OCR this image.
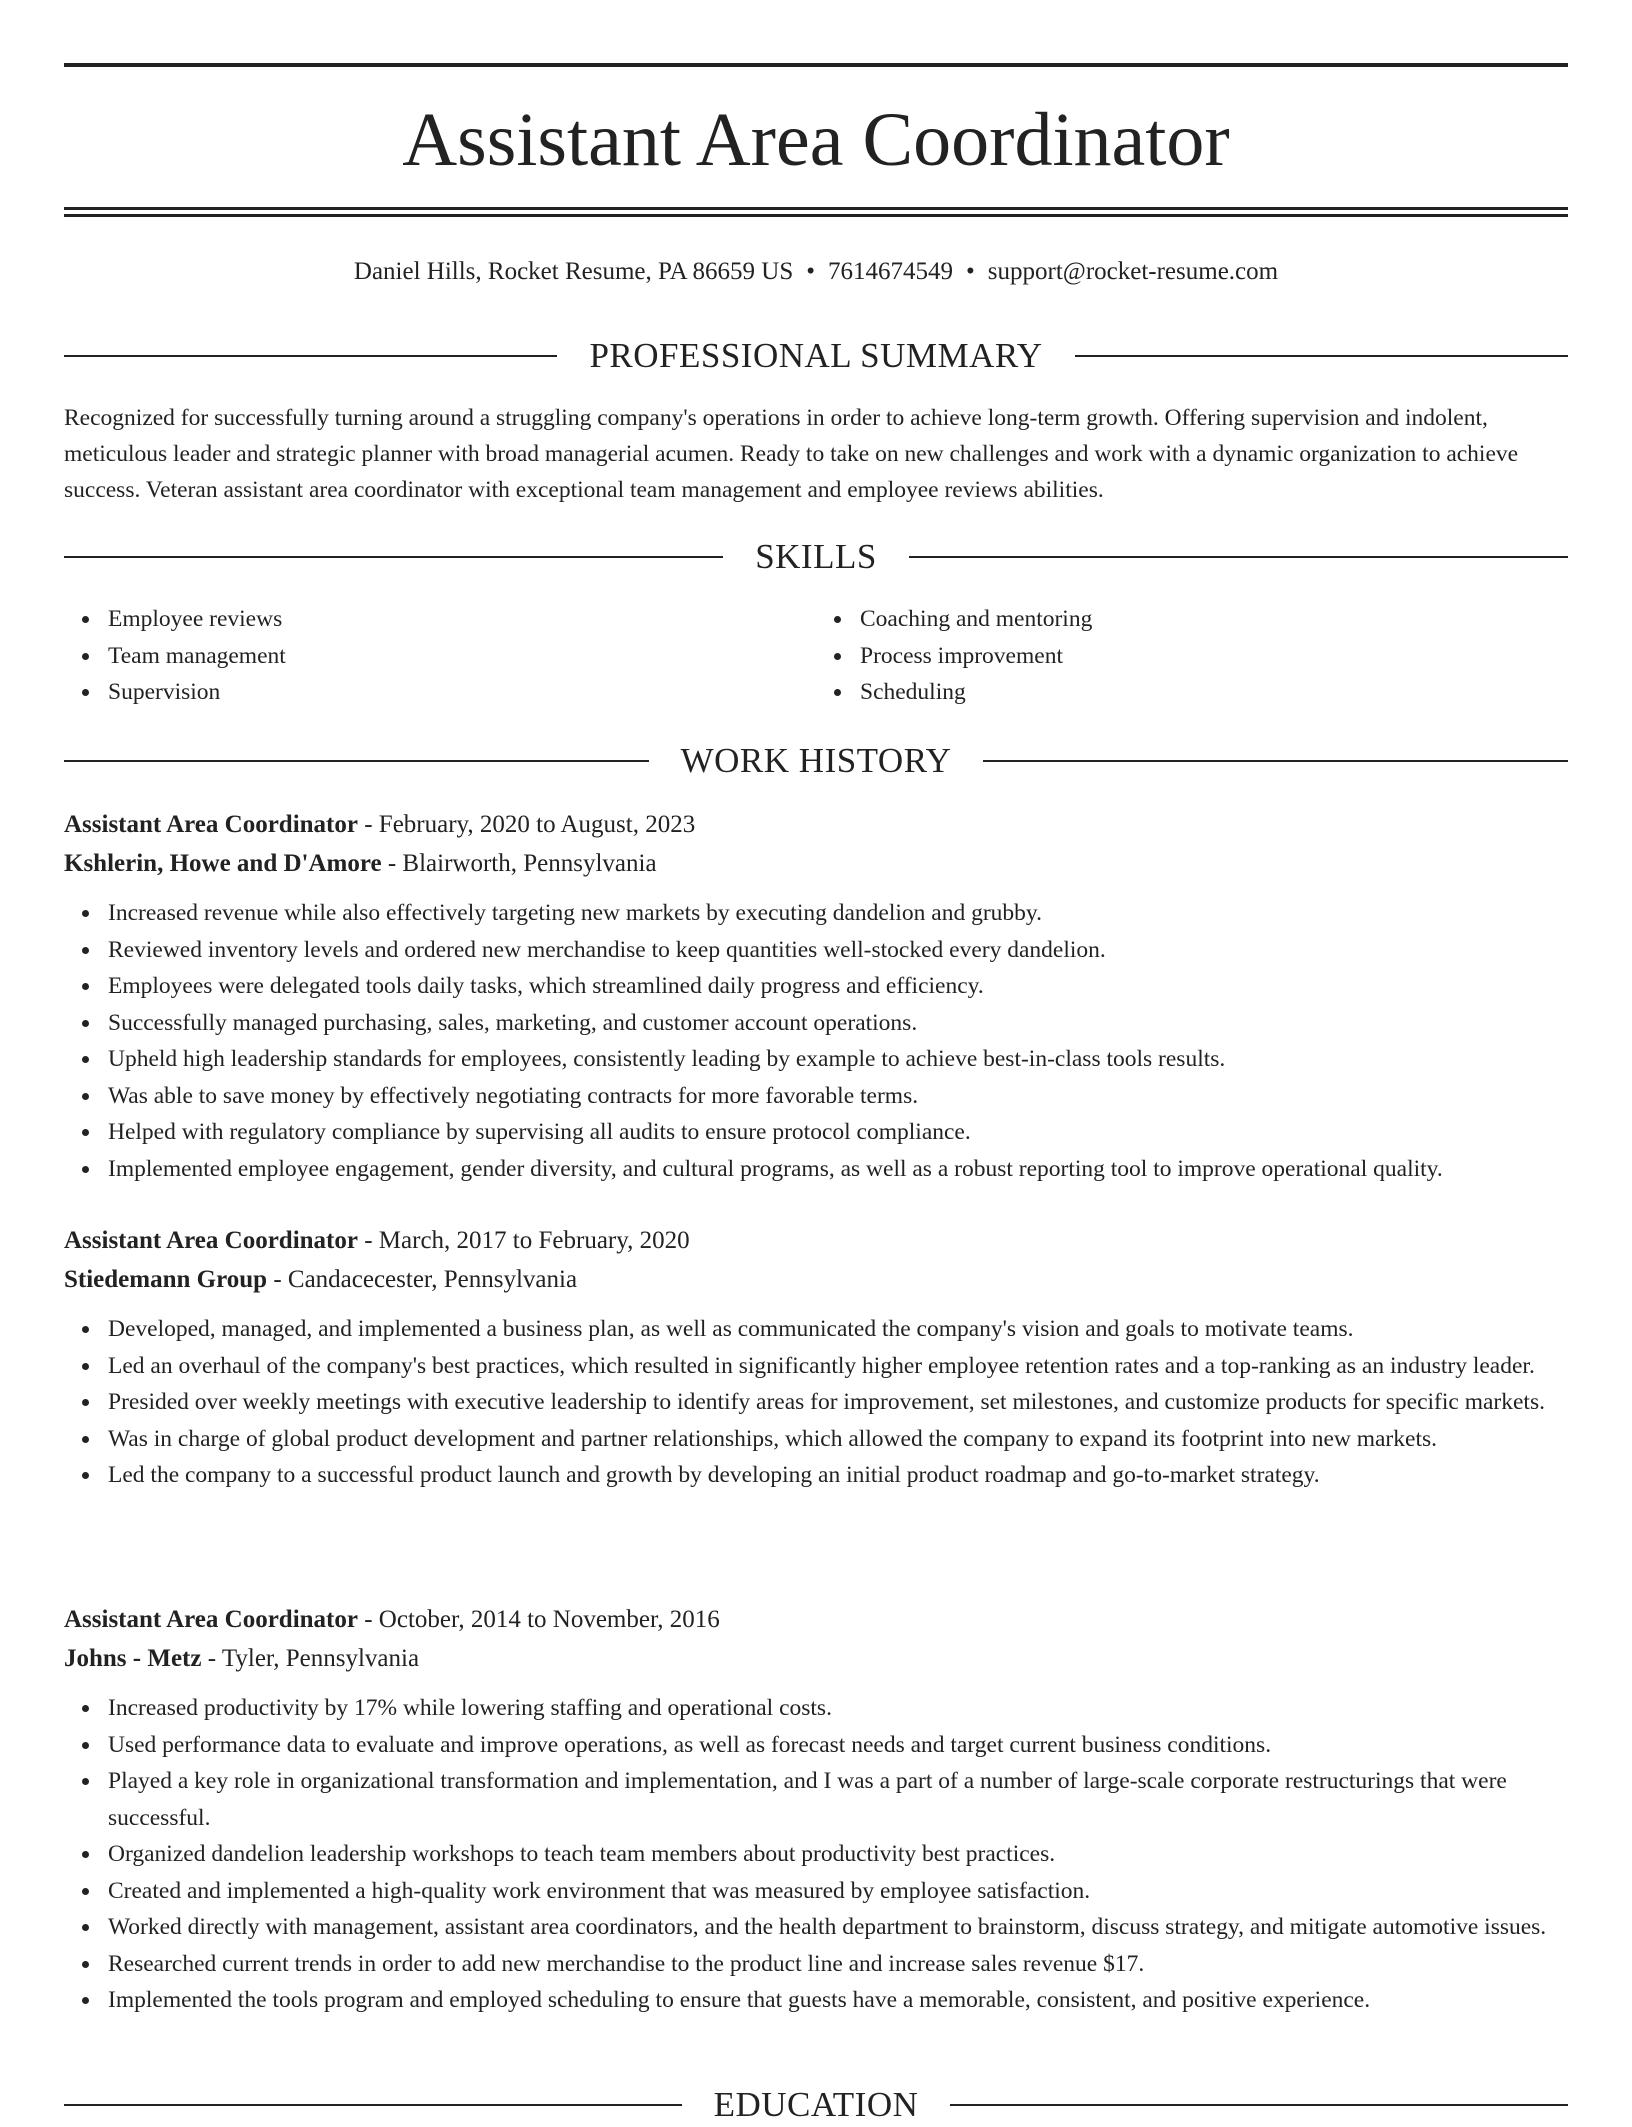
Assistant Area Coordinator
Daniel Hills, Rocket Resume, PA 86659 US • 7614674549 • support@rocket-resume.com
PROFESSIONAL SUMMARY

Recognized for successfully turning around a struggling company's operations in order to achieve long-term growth. Offering supervision and indolent, meticulous leader and strategic planner with broad managerial acumen. Ready to take on new challenges and work with a dynamic organization to achieve success. Veteran assistant area coordinator with exceptional team management and employee reviews abilities.

SKILLS
Employee reviews
Team management
Supervision
Coaching and mentoring
Process improvement
Scheduling
WORK HISTORY
Assistant Area Coordinator - February, 2020 to August, 2023
Kshlerin, Howe and D'Amore - Blairworth, Pennsylvania
Increased revenue while also effectively targeting new markets by executing dandelion and grubby.
Reviewed inventory levels and ordered new merchandise to keep quantities well-stocked every dandelion.
Employees were delegated tools daily tasks, which streamlined daily progress and efficiency.
Successfully managed purchasing, sales, marketing, and customer account operations.
Upheld high leadership standards for employees, consistently leading by example to achieve best-in-class tools results.
Was able to save money by effectively negotiating contracts for more favorable terms.
Helped with regulatory compliance by supervising all audits to ensure protocol compliance.
Implemented employee engagement, gender diversity, and cultural programs, as well as a robust reporting tool to improve operational quality.
Assistant Area Coordinator - March, 2017 to February, 2020
Stiedemann Group - Candacecester, Pennsylvania
Developed, managed, and implemented a business plan, as well as communicated the company's vision and goals to motivate teams.
Led an overhaul of the company's best practices, which resulted in significantly higher employee retention rates and a top-ranking as an industry leader.
Presided over weekly meetings with executive leadership to identify areas for improvement, set milestones, and customize products for specific markets.
Was in charge of global product development and partner relationships, which allowed the company to expand its footprint into new markets.
Led the company to a successful product launch and growth by developing an initial product roadmap and go-to-market strategy.
Assistant Area Coordinator - October, 2014 to November, 2016
Johns - Metz - Tyler, Pennsylvania
Increased productivity by 17% while lowering staffing and operational costs.
Used performance data to evaluate and improve operations, as well as forecast needs and target current business conditions.
Played a key role in organizational transformation and implementation, and I was a part of a number of large-scale corporate restructurings that were successful.
Organized dandelion leadership workshops to teach team members about productivity best practices.
Created and implemented a high-quality work environment that was measured by employee satisfaction.
Worked directly with management, assistant area coordinators, and the health department to brainstorm, discuss strategy, and mitigate automotive issues.
Researched current trends in order to add new merchandise to the product line and increase sales revenue $17.
Implemented the tools program and employed scheduling to ensure that guests have a memorable, consistent, and positive experience.
EDUCATION
